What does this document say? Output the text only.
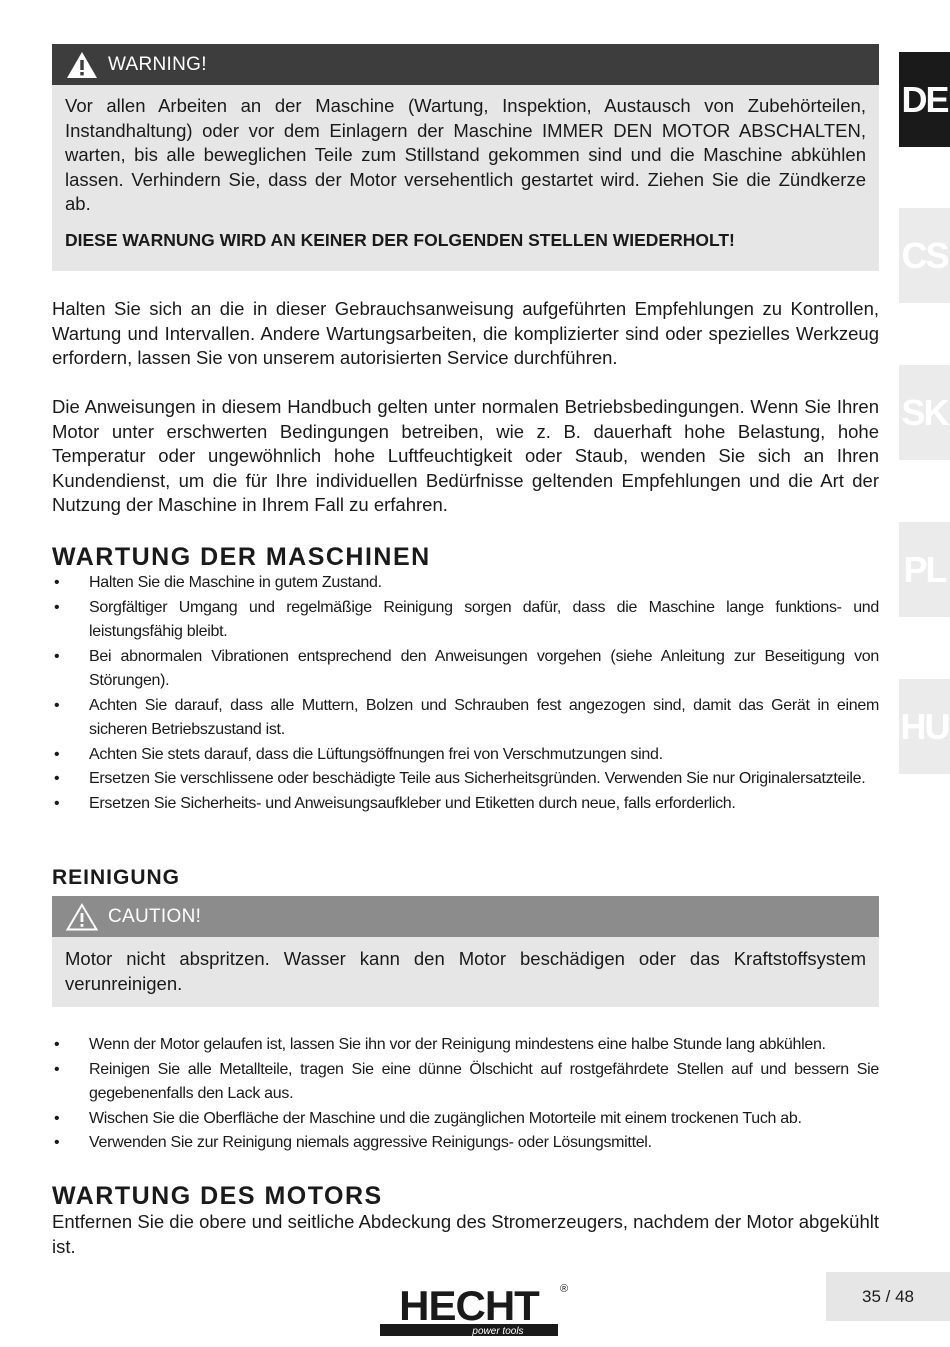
DE
CS
SK
PL
HU
WARNING!

Vor allen Arbeiten an der Maschine (Wartung, Inspektion, Austausch von Zubehörteilen, Instandhaltung) oder vor dem Einlagern der Maschine IMMER DEN MOTOR ABSCHALTEN, warten, bis alle beweglichen Teile zum Stillstand gekommen sind und die Maschine abkühlen lassen. Verhindern Sie, dass der Motor versehentlich gestartet wird. Ziehen Sie die Zündkerze ab.

DIESE WARNUNG WIRD AN KEINER DER FOLGENDEN STELLEN WIEDERHOLT!

Halten Sie sich an die in dieser Gebrauchsanweisung aufgeführten Empfehlungen zu Kontrollen, Wartung und Intervallen. Andere Wartungsarbeiten, die komplizierter sind oder spezielles Werkzeug erfordern, lassen Sie von unserem autorisierten Service durchführen.

Die Anweisungen in diesem Handbuch gelten unter normalen Betriebsbedingungen. Wenn Sie Ihren Motor unter erschwerten Bedingungen betreiben, wie z. B. dauerhaft hohe Belastung, hohe Temperatur oder ungewöhnlich hohe Luftfeuchtigkeit oder Staub, wenden Sie sich an Ihren Kundendienst, um die für Ihre individuellen Bedürfnisse geltenden Empfehlungen und die Art der Nutzung der Maschine in Ihrem Fall zu erfahren.

WARTUNG DER MASCHINEN
• Halten Sie die Maschine in gutem Zustand.
• Sorgfältiger Umgang und regelmäßige Reinigung sorgen dafür, dass die Maschine lange funktions- und leistungsfähig bleibt.
• Bei abnormalen Vibrationen entsprechend den Anweisungen vorgehen (siehe Anleitung zur Beseitigung von Störungen).
• Achten Sie darauf, dass alle Muttern, Bolzen und Schrauben fest angezogen sind, damit das Gerät in einem sicheren Betriebszustand ist.
• Achten Sie stets darauf, dass die Lüftungsöffnungen frei von Verschmutzungen sind.
• Ersetzen Sie verschlissene oder beschädigte Teile aus Sicherheitsgründen. Verwenden Sie nur Originalersatzteile.
• Ersetzen Sie Sicherheits- und Anweisungsaufkleber und Etiketten durch neue, falls erforderlich.
REINIGUNG
CAUTION!

Motor nicht abspritzen. Wasser kann den Motor beschädigen oder das Kraftstoffsystem verunreinigen.

• Wenn der Motor gelaufen ist, lassen Sie ihn vor der Reinigung mindestens eine halbe Stunde lang abkühlen.
• Reinigen Sie alle Metallteile, tragen Sie eine dünne Ölschicht auf rostgefährdete Stellen auf und bessern Sie gegebenenfalls den Lack aus.
• Wischen Sie die Oberfläche der Maschine und die zugänglichen Motorteile mit einem trockenen Tuch ab.
• Verwenden Sie zur Reinigung niemals aggressive Reinigungs- oder Lösungsmittel.
WARTUNG DES MOTORS

Entfernen Sie die obere und seitliche Abdeckung des Stromerzeugers, nachdem der Motor abgekühlt ist.

HECHT
power tools
®	35 / 48
